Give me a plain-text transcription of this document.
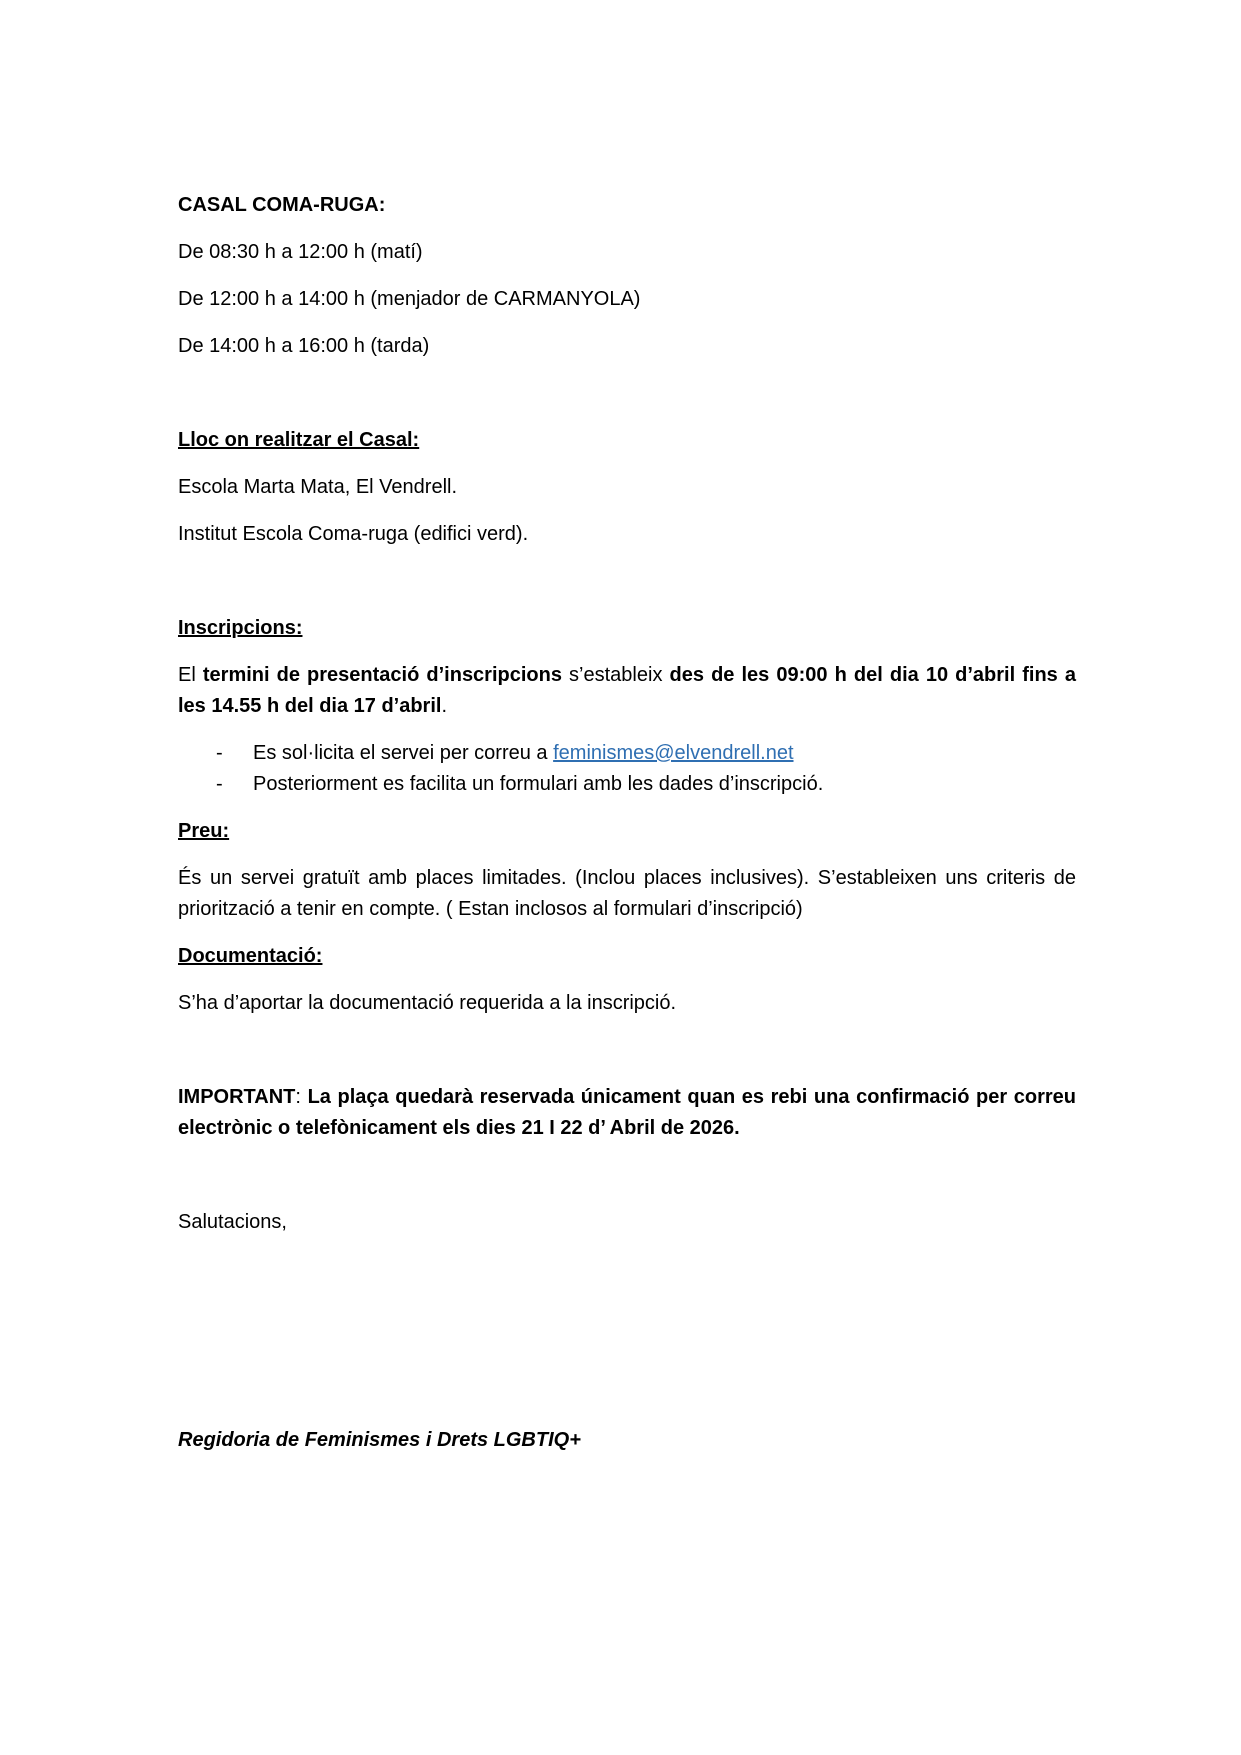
CASAL COMA-RUGA:
De 08:30 h a 12:00 h (matí)
De 12:00 h a 14:00 h (menjador de CARMANYOLA)
De 14:00 h a 16:00 h (tarda)
Lloc on realitzar el Casal:
Escola Marta Mata, El Vendrell.
Institut Escola Coma-ruga (edifici verd).
Inscripcions:

El termini de presentació d’inscripcions s’estableix des de les 09:00 h del dia 10 d’abril fins a les 14.55 h del dia 17 d’abril.

- Es sol·licita el servei per correu a feminismes@elvendrell.net
- Posteriorment es facilita un formulari amb les dades d’inscripció.
Preu:

És un servei gratuït amb places limitades. (Inclou places inclusives). S’estableixen uns criteris de priorització a tenir en compte. ( Estan inclosos al formulari d’inscripció)

Documentació:
S’ha d’aportar la documentació requerida a la inscripció.

IMPORTANT: La plaça quedarà reservada únicament quan es rebi una confirmació per correu electrònic o telefònicament els dies 21 I 22 d’ Abril de 2026.

Salutacions,
Regidoria de Feminismes i Drets LGBTIQ+
